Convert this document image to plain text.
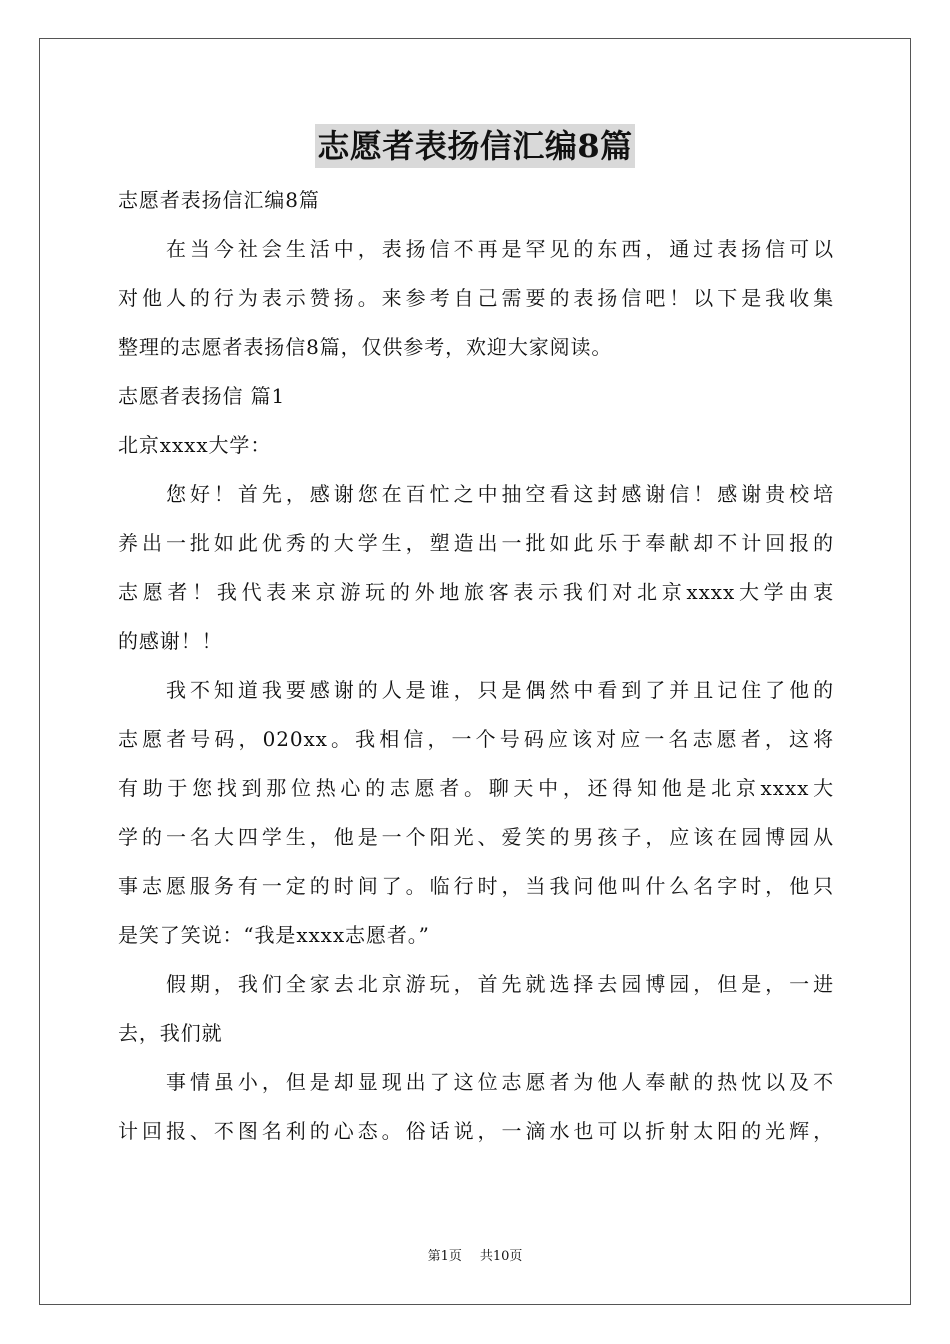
志愿者表扬信汇编8篇
志愿者表扬信汇编8篇
在当今社会生活中，表扬信不再是罕见的东西，通过表扬信可以
对他人的行为表示赞扬。来参考自己需要的表扬信吧！以下是我收集
整理的志愿者表扬信8篇，仅供参考，欢迎大家阅读。
志愿者表扬信 篇1
北京xxxx大学：
您好！首先，感谢您在百忙之中抽空看这封感谢信！感谢贵校培
养出一批如此优秀的大学生，塑造出一批如此乐于奉献却不计回报的
志愿者！我代表来京游玩的外地旅客表示我们对北京xxxx大学由衷
的感谢！！
我不知道我要感谢的人是谁，只是偶然中看到了并且记住了他的
志愿者号码，020xx。我相信，一个号码应该对应一名志愿者，这将
有助于您找到那位热心的志愿者。聊天中，还得知他是北京xxxx大
学的一名大四学生，他是一个阳光、爱笑的男孩子，应该在园博园从
事志愿服务有一定的时间了。临行时，当我问他叫什么名字时，他只
是笑了笑说：“我是xxxx志愿者。”
假期，我们全家去北京游玩，首先就选择去园博园，但是，一进
去，我们就
事情虽小，但是却显现出了这位志愿者为他人奉献的热忱以及不
计回报、不图名利的心态。俗话说，一滴水也可以折射太阳的光辉，
第1页 共10页
